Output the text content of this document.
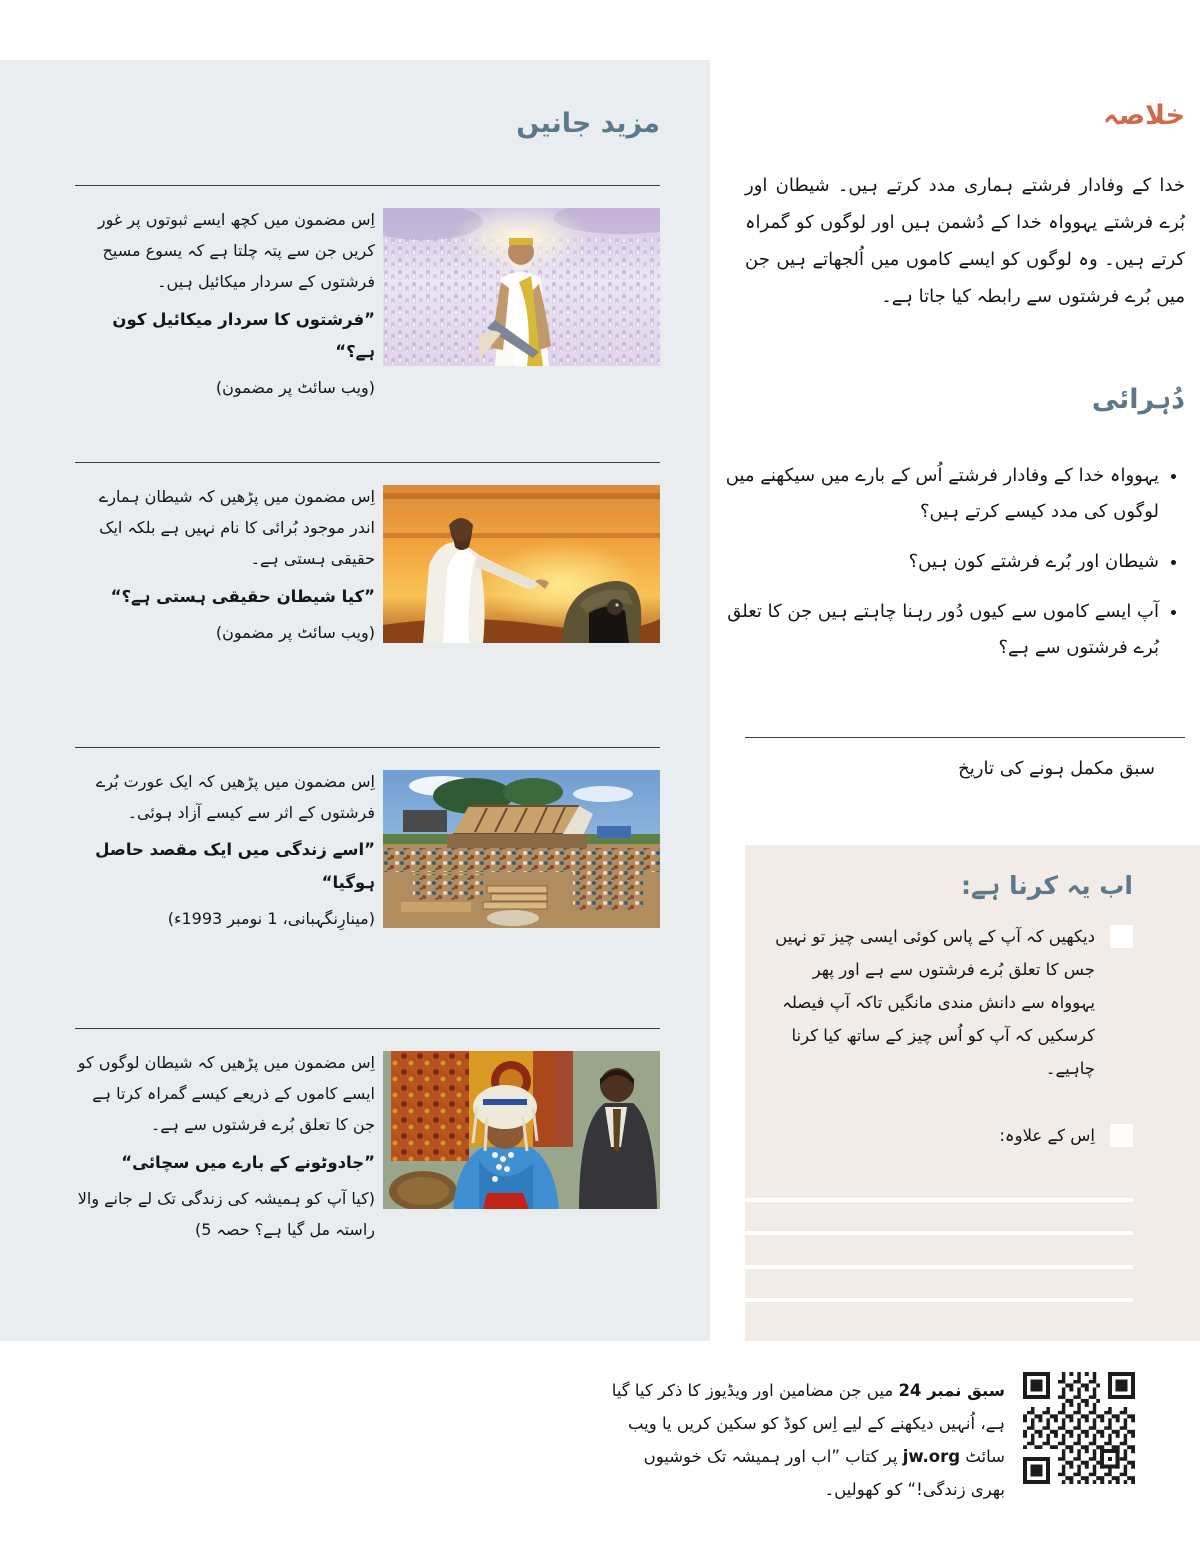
مزید جانیں

اِس مضمون میں کچھ ایسے ثبوتوں پر غور کریں جن سے پتہ چلتا ہے کہ یسوع مسیح فرشتوں کے سردار میکائیل ہیں۔

”فرشتوں کا سردار میکائیل کون ہے؟“

(ویب سائٹ پر مضمون)

اِس مضمون میں پڑھیں کہ شیطان ہمارے اندر موجود بُرائی کا نام نہیں ہے بلکہ ایک حقیقی ہستی ہے۔

”کیا شیطان حقیقی ہستی ہے؟“

(ویب سائٹ پر مضمون)

اِس مضمون میں پڑھیں کہ ایک عورت بُرے فرشتوں کے اثر سے کیسے آزاد ہوئی۔

”اسے زندگی میں ایک مقصد حاصل ہوگیا“

(مینارِنگہبانی، 1 نومبر 1993ء)

اِس مضمون میں پڑھیں کہ شیطان لوگوں کو ایسے کاموں کے ذریعے کیسے گمراہ کرتا ہے جن کا تعلق بُرے فرشتوں سے ہے۔

”جادوٹونے کے بارے میں سچائی“

(کیا آپ کو ہمیشہ کی زندگی تک لے جانے والا راستہ مل گیا ہے؟ حصہ 5)

خلاصہ
خدا کے وفادار فرشتے ہماری مدد کرتے ہیں۔ شیطان اور بُرے فرشتے یہوواہ خدا کے دُشمن ہیں اور لوگوں کو گمراہ کرتے ہیں۔ وہ لوگوں کو ایسے کاموں میں اُلجھاتے ہیں جن میں بُرے فرشتوں سے رابطہ کیا جاتا ہے۔
دُہرائی
• یہوواہ خدا کے وفادار فرشتے اُس کے بارے میں سیکھنے میں لوگوں کی مدد کیسے کرتے ہیں؟
• شیطان اور بُرے فرشتے کون ہیں؟
• آپ ایسے کاموں سے کیوں دُور رہنا چاہتے ہیں جن کا تعلق بُرے فرشتوں سے ہے؟
سبق مکمل ہونے کی تاریخ
اب یہ کرنا ہے:
دیکھیں کہ آپ کے پاس کوئی ایسی چیز تو نہیں جس کا تعلق بُرے فرشتوں سے ہے اور پھر یہوواہ سے دانش مندی مانگیں تاکہ آپ فیصلہ کرسکیں کہ آپ کو اُس چیز کے ساتھ کیا کرنا چاہیے۔
اِس کے علاوہ:
سبق نمبر 24 میں جن مضامین اور ویڈیوز کا ذکر کیا گیا ہے، اُنہیں دیکھنے کے لیے اِس کوڈ کو سکین کریں یا ویب سائٹ jw.org پر کتاب ”اب اور ہمیشہ تک خوشیوں بھری زندگی!“ کو کھولیں۔
